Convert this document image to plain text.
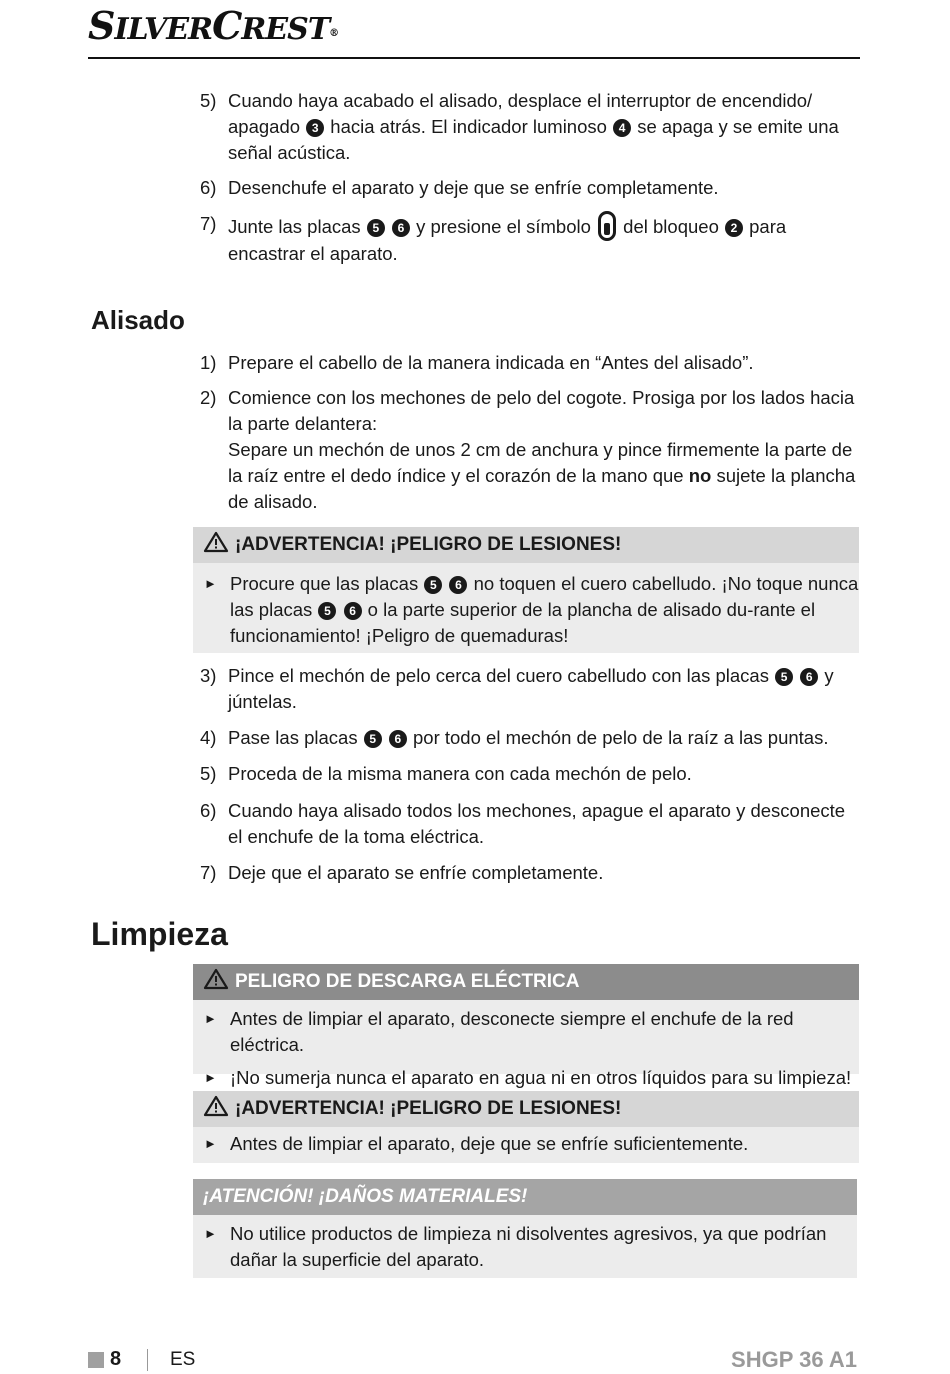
SILVERCREST®
5) Cuando haya acabado el alisado, desplace el interruptor de encendido/ apagado 3 hacia atrás. El indicador luminoso 4 se apaga y se emite una señal acústica.
6) Desenchufe el aparato y deje que se enfríe completamente.
7) Junte las placas 5 6 y presione el símbolo  del bloqueo 2 para encastrar el aparato.
Alisado
1) Prepare el cabello de la manera indicada en “Antes del alisado”.
2) Comience con los mechones de pelo del cogote. Prosiga por los lados hacia la parte delantera:
Separe un mechón de unos 2 cm de anchura y pince firmemente la parte de la raíz entre el dedo índice y el corazón de la mano que no sujete la plancha de alisado.
¡ADVERTENCIA! ¡PELIGRO DE LESIONES!

► Procure que las placas 5 6 no toquen el cuero cabelludo. ¡No toque nunca las placas 5 6 o la parte superior de la plancha de alisado du-rante el funcionamiento! ¡Peligro de quemaduras!

3) Pince el mechón de pelo cerca del cuero cabelludo con las placas 5 6 y júntelas.
4) Pase las placas 5 6 por todo el mechón de pelo de la raíz a las puntas.
5) Proceda de la misma manera con cada mechón de pelo.
6) Cuando haya alisado todos los mechones, apague el aparato y desconecte el enchufe de la toma eléctrica.
7) Deje que el aparato se enfríe completamente.
Limpieza
PELIGRO DE DESCARGA ELÉCTRICA

► Antes de limpiar el aparato, desconecte siempre el enchufe de la red eléctrica.

► ¡No sumerja nunca el aparato en agua ni en otros líquidos para su limpieza!

¡ADVERTENCIA! ¡PELIGRO DE LESIONES!

► Antes de limpiar el aparato, deje que se enfríe suficientemente.

¡ATENCIÓN! ¡DAÑOS MATERIALES!

► No utilice productos de limpieza ni disolventes agresivos, ya que podrían dañar la superficie del aparato.

8	ES	SHGP 36 A1
